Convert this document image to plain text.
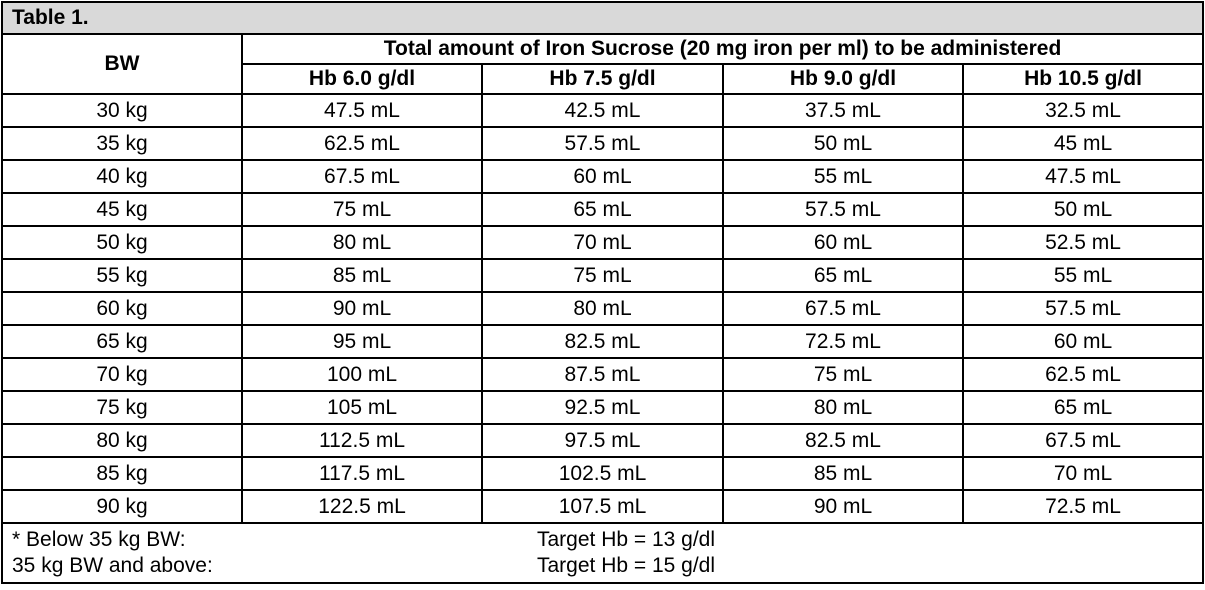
Table 1.				
BW	Total amount of Iron Sucrose (20 mg iron per ml) to be administered			
	Hb 6.0 g/dl	Hb 7.5 g/dl	Hb 9.0 g/dl	Hb 10.5 g/dl
30 kg	47.5 mL	42.5 mL	37.5 mL	32.5 mL
35 kg	62.5 mL	57.5 mL	50 mL	45 mL
40 kg	67.5 mL	60 mL	55 mL	47.5 mL
45 kg	75 mL	65 mL	57.5 mL	50 mL
50 kg	80 mL	70 mL	60 mL	52.5 mL
55 kg	85 mL	75 mL	65 mL	55 mL
60 kg	90 mL	80 mL	67.5 mL	57.5 mL
65 kg	95 mL	82.5 mL	72.5 mL	60 mL
70 kg	100 mL	87.5 mL	75 mL	62.5 mL
75 kg	105 mL	92.5 mL	80 mL	65 mL
80 kg	112.5 mL	97.5 mL	82.5 mL	67.5 mL
85 kg	117.5 mL	102.5 mL	85 mL	70 mL
90 kg	122.5 mL	107.5 mL	90 mL	72.5 mL

* Below 35 kg BW: Target Hb = 13 g/dl
35 kg BW and above: Target Hb = 15 g/dl				
